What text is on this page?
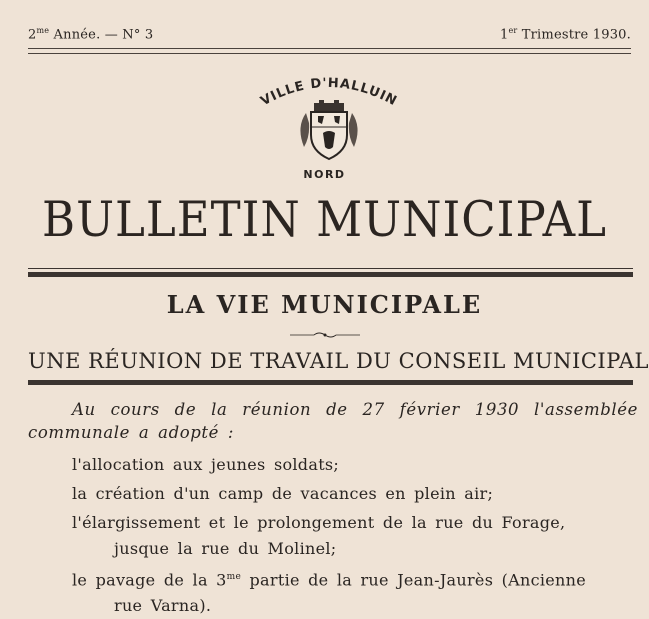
$2^{me}$ Année. — N° 3	1er Trimestre 1930.
VILLE D'HALLUIN
NORD
BULLETIN MUNICIPAL
LA VIE MUNICIPALE
UNE RÉUNION DE TRAVAIL DU CONSEIL MUNICIPAL
Au cours de la réunion de 27 février 1930 l'assemblée communale a adopté :
l'allocation aux jeunes soldats;
la création d'un camp de vacances en plein air;
l'élargissement et le prolongement de la rue du Forage,
jusque la rue du Molinel;
le pavage de la $3^{me}$ partie de la rue Jean-Jaurès (Ancienne
rue Varna).
